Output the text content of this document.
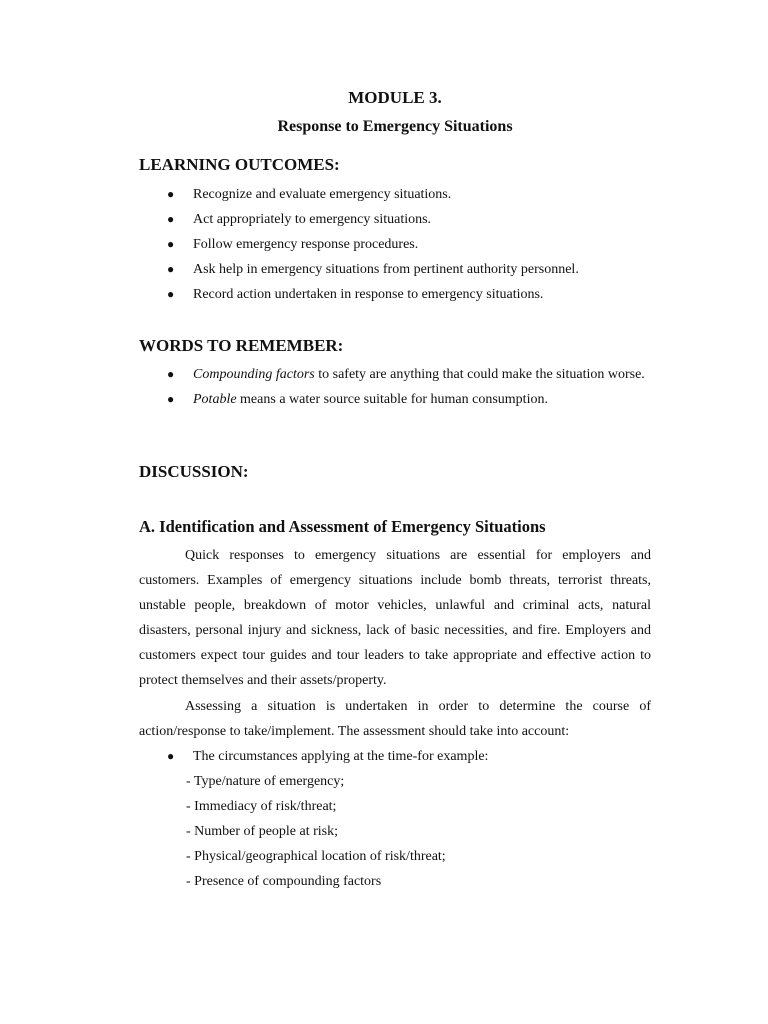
MODULE 3.
Response to Emergency Situations
LEARNING OUTCOMES:
● Recognize and evaluate emergency situations.
● Act appropriately to emergency situations.
● Follow emergency response procedures.
● Ask help in emergency situations from pertinent authority personnel.
● Record action undertaken in response to emergency situations.
WORDS TO REMEMBER:
● Compounding factors to safety are anything that could make the situation worse.
● Potable means a water source suitable for human consumption.
DISCUSSION:
A. Identification and Assessment of Emergency Situations

Quick responses to emergency situations are essential for employers and customers. Examples of emergency situations include bomb threats, terrorist threats, unstable people, breakdown of motor vehicles, unlawful and criminal acts, natural disasters, personal injury and sickness, lack of basic necessities, and fire. Employers and customers expect tour guides and tour leaders to take appropriate and effective action to protect themselves and their assets/property.

Assessing a situation is undertaken in order to determine the course of action/response to take/implement. The assessment should take into account:

● The circumstances applying at the time-for example:
- Type/nature of emergency;
- Immediacy of risk/threat;
- Number of people at risk;
- Physical/geographical location of risk/threat;
- Presence of compounding factors
